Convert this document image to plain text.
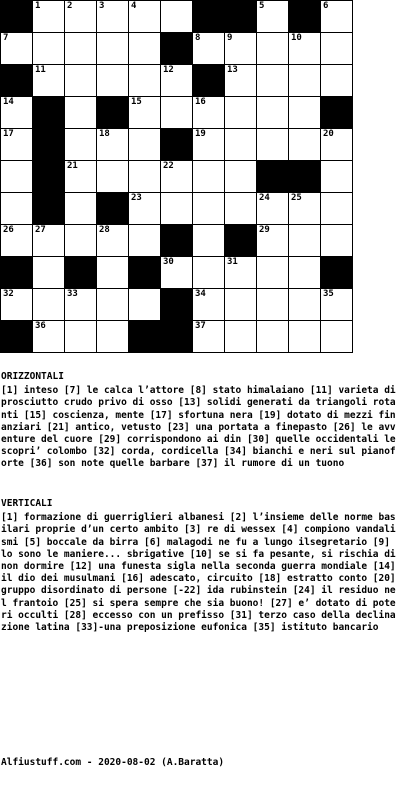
1	2	3	4	5	6
7	8	9	10
11	12	13
14	15	16
17	18	19	20
21	22
23	24 25
26 27	28	29
30	31
32	33	34	35
36	37
ORIZZONTALI
[1] inteso [7] le calca l’attore [8] stato himalaiano [11] varieta di prosciutto crudo privo di osso [13] solidi generati da triangoli rotanti [15] coscienza, mente [17] sfortuna nera [19] dotato di mezzi finanziari [21] antico, vetusto [23] una portata a finepasto [26] le avventure del cuore [29] corrispondono ai din [30] quelle occidentali le scopri’ colombo [32] corda, cordicella [34] bianchi e neri sul pianoforte [36] son note quelle barbare [37] il rumore di un tuono
VERTICALI
[1] formazione di guerriglieri albanesi [2] l’insieme delle norme basilari proprie d’un certo ambito [3] re di wessex [4] compiono vandalismi [5] boccale da birra [6] malagodi ne fu a lungo ilsegretario [9] lo sono le maniere... sbrigative [10] se si fa pesante, si rischia di non dormire [12] una funesta sigla nella seconda guerra mondiale [14] il dio dei musulmani [16] adescato, circuito [18] estratto conto [20] gruppo disordinato di persone [-22] ida rubinstein [24] il residuo nel frantoio [25] si spera sempre che sia buono! [27] e’ dotato di poteri occulti [28] eccesso con un prefisso [31] terzo caso della declinazione latina [33]-una preposizione eufonica [35] istituto bancario
Alfiustuff.com - 2020-08-02 (A.Baratta)
